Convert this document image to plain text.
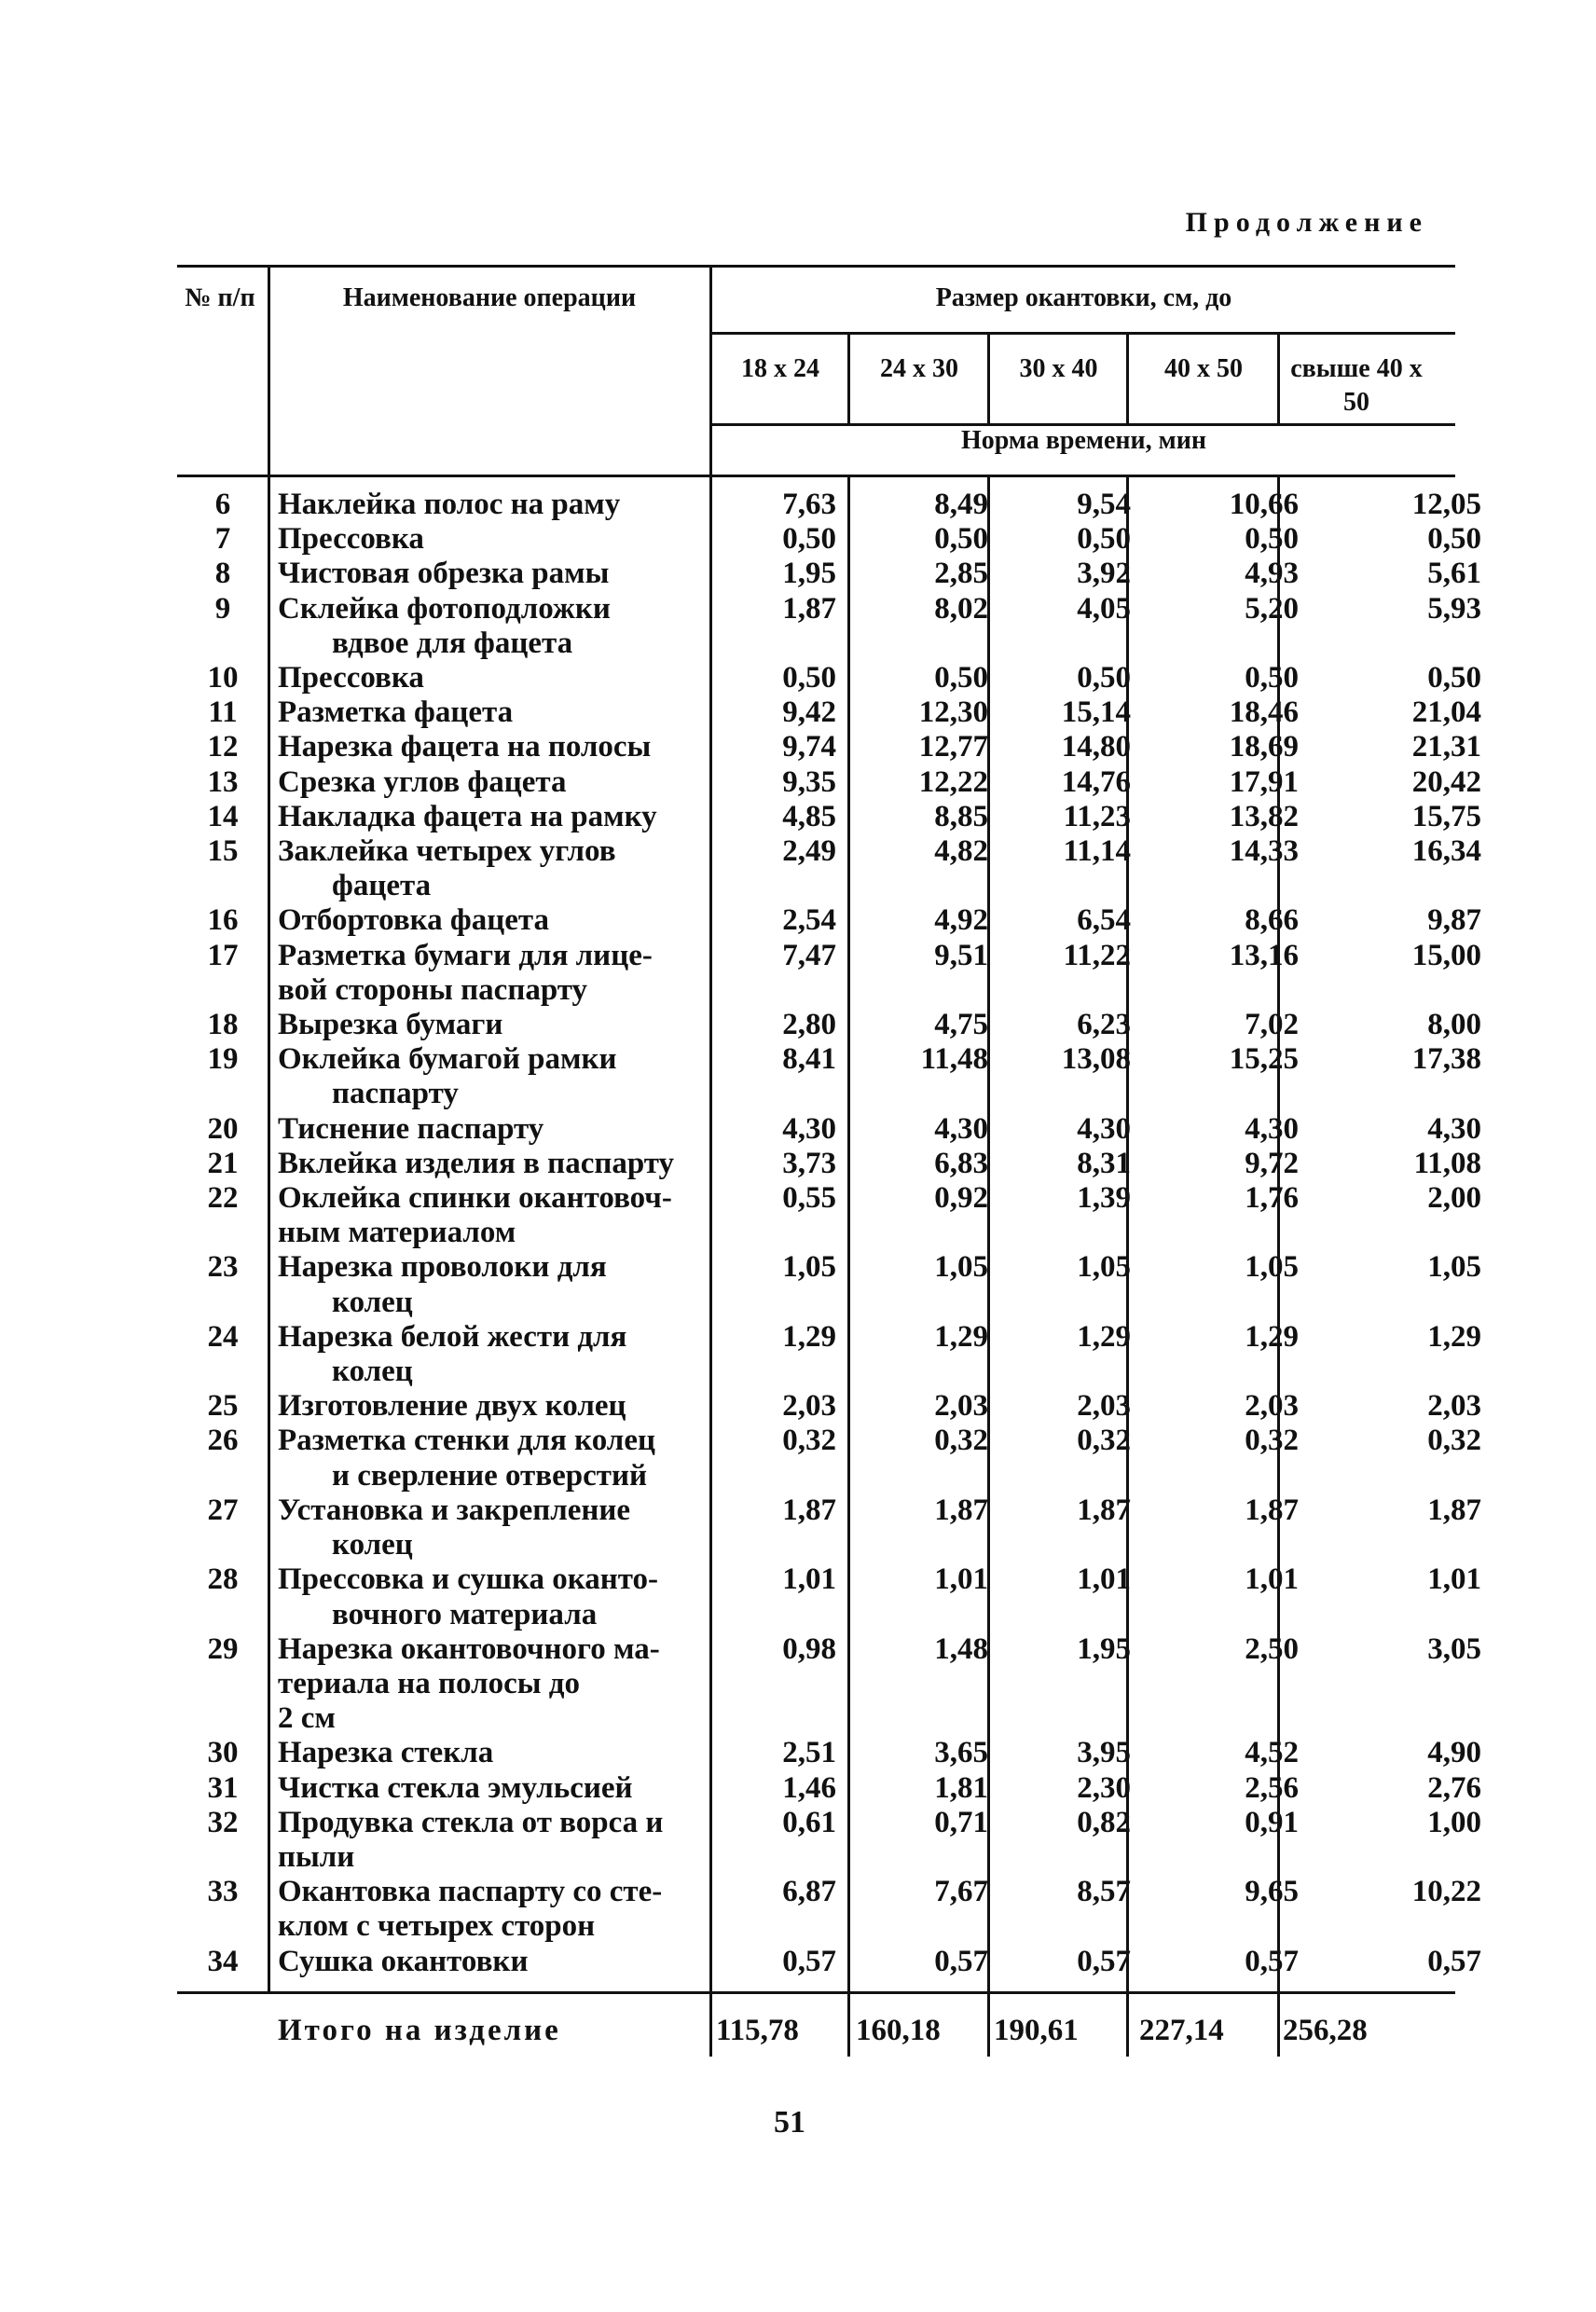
Продолжение
№ п/п	Наименование операции	Размер окантовки, см, до
18 x 24	24 x 30	30 x 40	40 x 50	свыше 40 x 50
Норма времени, мин
6	Наклейка полос на раму	7,63	8,49	9,54	10,66	12,05
7	Прессовка	0,50	0,50	0,50	0,50	0,50
8	Чистовая обрезка рамы	1,95	2,85	3,92	4,93	5,61
9	Склейка фотоподложки
вдвое для фацета	1,87	8,02	4,05	5,20	5,93
10	Прессовка	0,50	0,50	0,50	0,50	0,50
11	Разметка фацета	9,42	12,30	15,14	18,46	21,04
12	Нарезка фацета на полосы	9,74	12,77	14,80	18,69	21,31
13	Срезка углов фацета	9,35	12,22	14,76	17,91	20,42
14	Накладка фацета на рамку	4,85	8,85	11,23	13,82	15,75
15	Заклейка четырех углов
фацета	2,49	4,82	11,14	14,33	16,34
16	Отбортовка фацета	2,54	4,92	6,54	8,66	9,87
17	Разметка бумаги для лице-
вой стороны паспарту	7,47	9,51	11,22	13,16	15,00
18	Вырезка бумаги	2,80	4,75	6,23	7,02	8,00
19	Оклейка бумагой рамки
паспарту	8,41	11,48	13,08	15,25	17,38
20	Тиснение паспарту	4,30	4,30	4,30	4,30	4,30
21	Вклейка изделия в паспарту	3,73	6,83	8,31	9,72	11,08
22	Оклейка спинки окантовоч-
ным материалом	0,55	0,92	1,39	1,76	2,00
23	Нарезка проволоки для
колец	1,05	1,05	1,05	1,05	1,05
24	Нарезка белой жести для
колец	1,29	1,29	1,29	1,29	1,29
25	Изготовление двух колец	2,03	2,03	2,03	2,03	2,03
26	Разметка стенки для колец
и сверление отверстий	0,32	0,32	0,32	0,32	0,32
27	Установка и закрепление
колец	1,87	1,87	1,87	1,87	1,87
28	Прессовка и сушка оканто-
вочного материала	1,01	1,01	1,01	1,01	1,01
29	Нарезка окантовочного ма-
териала на полосы до
2 см	0,98	1,48	1,95	2,50	3,05
30	Нарезка стекла	2,51	3,65	3,95	4,52	4,90
31	Чистка стекла эмульсией	1,46	1,81	2,30	2,56	2,76
32	Продувка стекла от ворса и
пыли	0,61	0,71	0,82	0,91	1,00
33	Окантовка паспарту со сте-
клом с четырех сторон	6,87	7,67	8,57	9,65	10,22
34	Сушка окантовки	0,57	0,57	0,57	0,57	0,57
Итого на изделие	115,78 160,18 190,61 227,14 256,28
51
